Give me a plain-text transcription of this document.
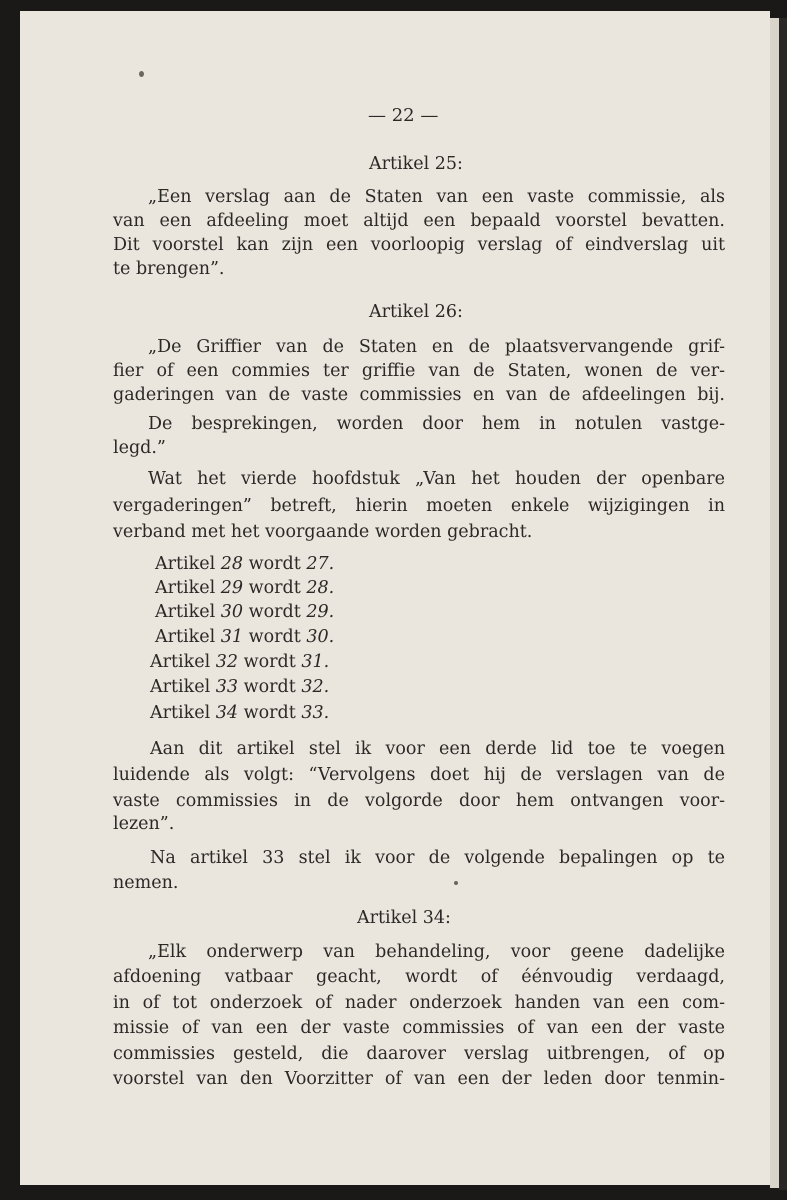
— 22 —
Artikel 25:
„Een verslag aan de Staten van een vaste commissie, als
van een afdeeling moet altijd een bepaald voorstel bevatten.
Dit voorstel kan zijn een voorloopig verslag of eindverslag uit
te brengen”.
Artikel 26:
„De Griffier van de Staten en de plaatsvervangende grif-
fier of een commies ter griffie van de Staten, wonen de ver-
gaderingen van de vaste commissies en van de afdeelingen bij.
De besprekingen, worden door hem in notulen vastge-
legd.”
Wat het vierde hoofdstuk „Van het houden der openbare
vergaderingen” betreft, hierin moeten enkele wijzigingen in
verband met het voorgaande worden gebracht.
Artikel 28 wordt 27.
Artikel 29 wordt 28.
Artikel 30 wordt 29.
Artikel 31 wordt 30.
Artikel 32 wordt 31.
Artikel 33 wordt 32.
Artikel 34 wordt 33.
Aan dit artikel stel ik voor een derde lid toe te voegen
luidende als volgt: “Vervolgens doet hij de verslagen van de
vaste commissies in de volgorde door hem ontvangen voor-
lezen”.
Na artikel 33 stel ik voor de volgende bepalingen op te
nemen.
Artikel 34:
„Elk onderwerp van behandeling, voor geene dadelijke
afdoening vatbaar geacht, wordt of éénvoudig verdaagd,
in of tot onderzoek of nader onderzoek handen van een com-
missie of van een der vaste commissies of van een der vaste
commissies gesteld, die daarover verslag uitbrengen, of op
voorstel van den Voorzitter of van een der leden door tenmin-
